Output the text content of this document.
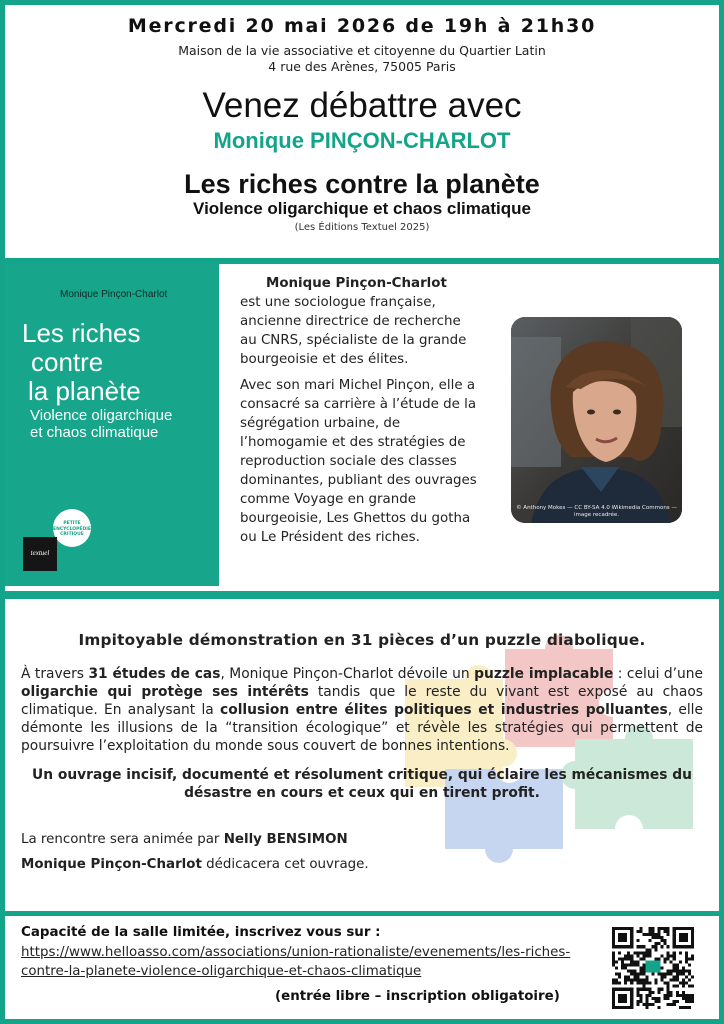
Mercredi 20 mai 2026 de 19h à 21h30
Maison de la vie associative et citoyenne du Quartier Latin
4 rue des Arènes, 75005 Paris
Venez débattre avec
Monique PINÇON-CHARLOT
Les riches contre la planète
Violence oligarchique et chaos climatique
(Les Éditions Textuel 2025)
Monique Pinçon-Charlot
Les riches
contre
la planète
Violence oligarchique
et chaos climatique
PETITE
ENCYCLOPÉDIE
CRITIQUE
textuel

Monique Pinçon-Charlot
est une sociologue française, ancienne directrice de recherche au CNRS, spécialiste de la grande bourgeoisie et des élites.

Avec son mari Michel Pinçon, elle a consacré sa carrière à l’étude de la ségrégation urbaine, de l’homogamie et des stratégies de reproduction sociale des classes dominantes, publiant des ouvrages comme Voyage en grande bourgeoisie, Les Ghettos du gotha ou Le Président des riches.

© Anthony Mokes — CC BY-SA 4.0 Wikimedia Commons —
image recadrée.
Impitoyable démonstration en 31 pièces d’un puzzle diabolique.

À travers 31 études de cas, Monique Pinçon-Charlot dévoile un puzzle implacable : celui d’une oligarchie qui protège ses intérêts tandis que le reste du vivant est exposé au chaos climatique. En analysant la collusion entre élites politiques et industries polluantes, elle démonte les illusions de la “transition écologique” et révèle les stratégies qui permettent de poursuivre l’exploitation du monde sous couvert de bonnes intentions.

Un ouvrage incisif, documenté et résolument critique, qui éclaire les mécanismes du désastre en cours et ceux qui en tirent profit.

La rencontre sera animée par Nelly BENSIMON

Monique Pinçon-Charlot dédicacera cet ouvrage.

Capacité de la salle limitée, inscrivez vous sur :
https://www.helloasso.com/associations/union-rationaliste/evenements/les-riches-contre-la-planete-violence-oligarchique-et-chaos-climatique
(entrée libre – inscription obligatoire)
